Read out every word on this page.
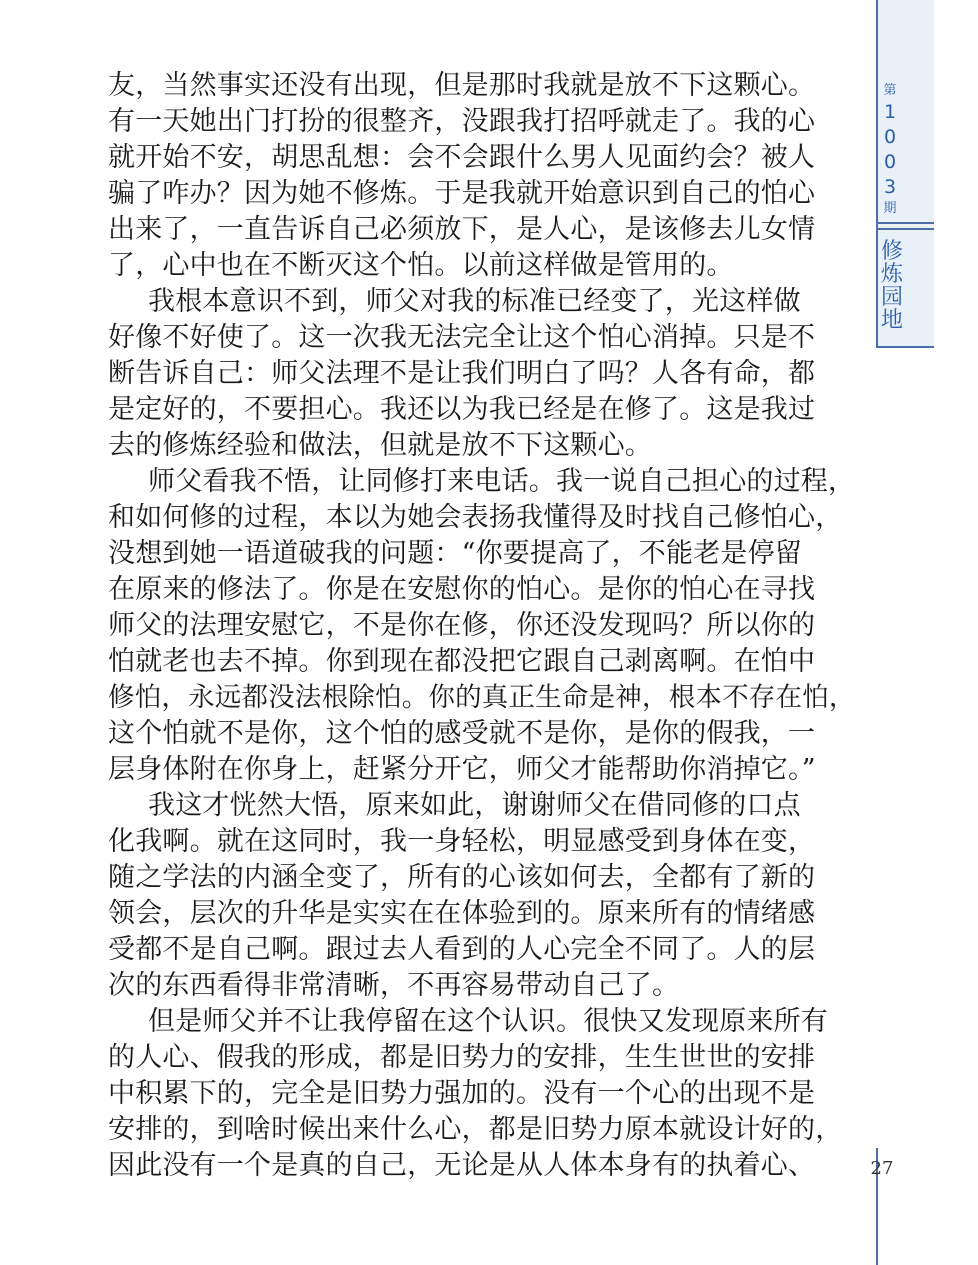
第
1
0
0
3
期
修
炼
园
地
友，当然事实还没有出现，但是那时我就是放不下这颗心。
有一天她出门打扮的很整齐，没跟我打招呼就走了。我的心
就开始不安，胡思乱想：会不会跟什么男人见面约会？被人
骗了咋办？因为她不修炼。于是我就开始意识到自己的怕心
出来了，一直告诉自己必须放下，是人心，是该修去儿女情
了，心中也在不断灭这个怕。以前这样做是管用的。
我根本意识不到，师父对我的标准已经变了，光这样做
好像不好使了。这一次我无法完全让这个怕心消掉。只是不
断告诉自己：师父法理不是让我们明白了吗？人各有命，都
是定好的，不要担心。我还以为我已经是在修了。这是我过
去的修炼经验和做法，但就是放不下这颗心。
师父看我不悟，让同修打来电话。我一说自己担心的过程，
和如何修的过程，本以为她会表扬我懂得及时找自己修怕心，
没想到她一语道破我的问题：“你要提高了，不能老是停留
在原来的修法了。你是在安慰你的怕心。是你的怕心在寻找
师父的法理安慰它，不是你在修，你还没发现吗？所以你的
怕就老也去不掉。你到现在都没把它跟自己剥离啊。在怕中
修怕，永远都没法根除怕。你的真正生命是神，根本不存在怕，
这个怕就不是你，这个怕的感受就不是你，是你的假我，一
层身体附在你身上，赶紧分开它，师父才能帮助你消掉它。”
我这才恍然大悟，原来如此，谢谢师父在借同修的口点
化我啊。就在这同时，我一身轻松，明显感受到身体在变，
随之学法的内涵全变了，所有的心该如何去，全都有了新的
领会，层次的升华是实实在在体验到的。原来所有的情绪感
受都不是自己啊。跟过去人看到的人心完全不同了。人的层
次的东西看得非常清晰，不再容易带动自己了。
但是师父并不让我停留在这个认识。很快又发现原来所有
的人心、假我的形成，都是旧势力的安排，生生世世的安排
中积累下的，完全是旧势力强加的。没有一个心的出现不是
安排的，到啥时候出来什么心，都是旧势力原本就设计好的，
因此没有一个是真的自己，无论是从人体本身有的执着心、	27
